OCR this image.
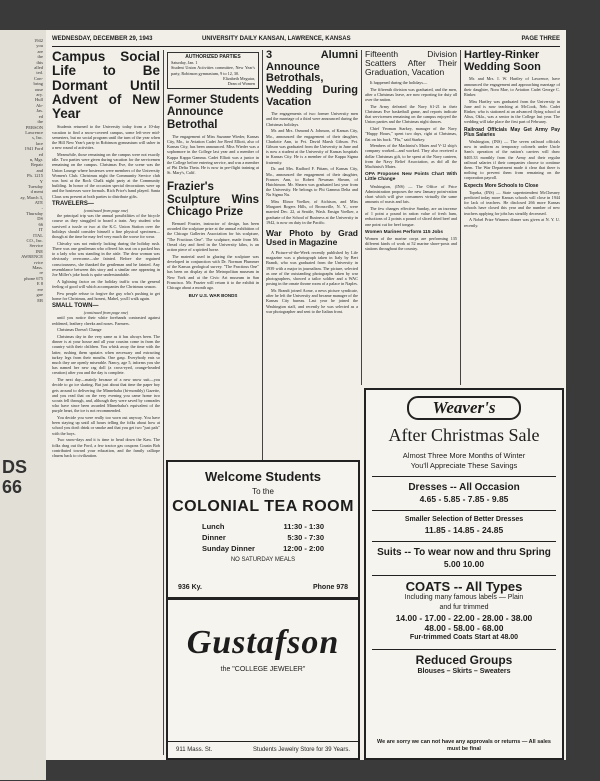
1942
you
are
the
this
alled
ted.
Con-
bring
ouse
ary.
Hull
Ab-
Jas.
ed
the
PERSON
Lawrence
s, Inc.
lace
1941 Ford
ed
n, Mgr.
Repair
and
Ph. 1215
Y
Tuesday
d ment
ay, March 3,
ATE
-
Thursday
DS
66
IT
ITAL
CO., Inc.
Service
INE
AWRENCE
rvice
Mass.
re
phone 675
E 8
ere
gue
ER
DS
66
WEDNESDAY, DECEMBER 29, 1943	UNIVERSITY DAILY KANSAN, LAWRENCE, KANSAS	PAGE THREE
Campus Social Life to Be Dormant Until Advent of New Year

Students returned to the University today from a 10-day vacation to find a snow-covered campus, some left-over mid-semesters, but no social program until the turn of the year when the Hill New Year's party in Robinson gymnasium will usher in a new round of activities.

Meanwhile, those remaining on the campus were not exactly idle. Two parties were given during vacation for the servicemen remaining on the campus. Christmas Eve, the scene was the Union Lounge where hostesses were members of the University Women's Club. Christmas night the Community Service club was host at the Rock Chalk night party at the Community building. In honor of the occasion special decorations were up and the hostesses wore formals. Rich Price's band played. Santa Claus was present at both parties to distribute gifts.

TRAVELERS—
(continued from page one)

the principal trip was the annual possibilities of the bicycle course as they struggled to board a train. Any student who survived a tussle or two at the K.C. Union Station over the holidays should consider himself a fine physical specimen—though at the time he may feel very much the worse for wear.

Chivalry was not entirely lacking during the holiday rush. There was one gentleman who offered his seat on a packed bus to a lady who was standing in the aisle. The dear woman was obviously overcome—she fainted. Before she regained consciousness, she thanked the gentleman and he fainted. Any resemblance between this story and a similar one appearing in Joe Miller's joke book is quite understandable.

A lightning factor on the holiday traffic was the general feeling of good will which accompanies the Christmas season.

Few people refuse to forgive the guy who's pushing to get home for Christmas, and honest, Mabel, you'll walk again.

SMALL TOWN—
(continued from page one)

until you notice their white forehands contrasted against reddened, leathery cheeks and noses. Farmers.

Christmas Doesn't Change

Christmas day in the very same as it has always been. The dinner is at your house and all your cousins come in from the country with their children. You whisk away the time with the latter, rushing them upstairs when necessary and extracting turkey legs from their mouths. One gasp. Everybody eats so much they are openly miserable. Nancy, age 5, informs you she has named her new rag doll (a cross-eyed, orange-headed creation) after you and the day is complete.

The next day—mainly because of a new snow suit—you decide to go ice skating. But just about that time the paper boy gets around to delivering the Minnehaha (bi-monthly) Gazette, and you read that on the very evening you came home two scouts fell through, and, although they were saved by comrades who have since been awarded Minnehaha's equivalent of the purple heart, the ice is not recommended.

You decide you were really too worn out anyway. You have been staying up until all hours telling the folks about how at school you don't drink or smoke and that you get two "just pals" with the boys.

Two snow-days and it is time to head down the Kaw. The folks drag out the Ford, a few tractor gas coupons Cousin Bob contributed toward your education, and the family calliope churns back to civilization.

AUTHORIZED PARTIES
Saturday, Jan. 1
Student Union Activities committee, New Year's party, Robinson gymnasium, 9 to 12, 30.
Elizabeth Meguiar,
Dean of Women
Former Students Announce Betrothal

The engagement of Miss Suzanne Wieder, Kansas City, Mo., to Aviation Cadet Joe Reed Elliott, also of Kansas City, has been announced. Miss Wieder was a sophomore in the College last year and a member of Kappa Kappa Gamma. Cadet Elliott was a junior in the College before entering service, and was a member of Phi Delta Theta. He is now in pre-flight training at St. Mary's, Calif.

Frazier's Sculpture Wins Chicago Prize

Bernard Frazier, instructor of design, has been awarded the sculpture prize at the annual exhibition of the Chicago Galleries Association for his sculpture, "The Fractious One". The sculpture, made from Mt. Oread clay and fired in the University kilns, is an action piece of a spirited horse.

The material used in glazing the sculpture was developed in conjunction with Dr. Norman Plummer of the Kansas geological survey. "The Fractious One" has been on display at the Metropolitan museum in New York and at the Civic Art museum in San Francisco. Mr. Frazier will return it to the exhibit in Chicago about a month ago.

BUY U.S. WAR BONDS
3 Alumni Announce Betrothals, Wedding During Vacation

The engagements of two former University men and the marriage of a third were announced during the Christmas holidays.

Mr. and Mrs. Osmond A. Johnson, of Kansas City, Mo., announced the engagement of their daughter, Charlotte Ann, to Pvt. David Marsh Gibson. Pvt. Gibson was graduated from the University in June and is now a student at the University of Kansas hospitals in Kansas City. He is a member of the Kappa Sigma fraternity.

Dr. and Mrs. Radford F. Pittam, of Kansas City, Mo., announced the engagement of their daughter, Frances Ann, to Robert Newman Shearn, of Hutchinson. Mr. Shearn was graduated last year from the University. He belongs to Phi Gamma Delta and Nu Sigma Nu.

Miss Elinor Voelker, of Atchison, and Miss Margaret Rogers Hills, of Bronxville, N. Y., were married Dec. 22, at Seattle, Wash. Ensign Voelker, a graduate of the School of Business at the University in 1942, is now on duty in the Pacific.

War Photo by Grad Used in Magazine

A Picture-of-the-Week recently published by Life magazine was a photograph taken in Italy by Bert Brandt, who was graduated from the University in 1939 with a major in journalism. The picture, selected as one of the outstanding photographs taken by war photographers, showed a tailor soldier and a WAC posing in the ornate throne room of a palace in Naples.

Mr. Brandt joined Acme, a news picture syndicate, after he left the University and became manager of the Kansas City bureau. Last year he joined the Washington staff, and recently he was selected as a war photographer and sent to the Italian front.

Fifteenth Division Scatters After Their Graduation, Vacation

It happened during the holidays—

The fifteenth division was graduated, and the men, after a Christmas leave, are now reporting for duty all over the nation.

The Army defeated the Navy 61-21 in their Christmas Eve basketball game, and reports indicate that servicemen remaining on the campus enjoyed the Union parties and the Christmas night dances.

Chief Yeoman Starkey, manager of the Navy "Happy Hours," spent two days, right at Christmas, flat on his back. "Flu," said Starkey.

Members of the Machinist's Mates and V-12 ship's company worked—and worked. They also received a dollar Christmas gift, to be spent at the Navy canteen, from the Navy Relief Association, as did all the Machinist's Mates.

OPA Proposes New Points Chart With Little Change

Washington, (INS) — The Office of Price Administration proposes the new January point-ration chart which will give consumers virtually the same amounts of roasts and fats.

The few changes effective Sunday, are an increase of 1 point a pound in ration value of fresh ham, reductions of 2 points a pound of sliced dried beef and one point cut for beef tongue.

Women Marines Perform 115 Jobs
Women of the marine corps are performing 135 different kinds of work at 52 marine shore-posts and stations throughout the country.
Hartley-Rinker Wedding Soon

Mr. and Mrs. I. W. Hartley of Lawrence, have announced the engagement and approaching marriage of their daughter, Nora Mae, to Aviation Cadet George C. Rinker.

Miss Hartley was graduated from the University in June and is now teaching at McCook, Neb. Cadet Rinker, who is stationed at an advanced flying school at Altus, Okla., was a senior in the College last year. The wedding will take place the first part of February.

Railroad Officials May Get Army Pay Plus Salaries

Washington, (INS) — The seven railroad officials now in uniform as temporary colonels under Uncle Sam's operation of the nation's carriers will draw $405.33 monthly from the Army and their regular railroad salaries if their companies choose to continue them. The War Department made it clear that there is nothing to prevent them from remaining on the corporation payroll.

Expects More Schools to Close

Topeka, (INS) — State superintendent McChesney predicted today more Kansas schools will close in 1944 for lack of teachers. He disclosed 266 more Kansas schools have closed this year and the number of new teachers applying for jobs has steadily decreased.

A Nobel Prize Winners dinner was given at N. Y. U. recently.

Welcome Students
To the
COLONIAL TEA ROOM
Lunch	11:30 - 1:30
Dinner	5:30 - 7:30
Sunday Dinner	12:00 - 2:00
NO SATURDAY MEALS
936 Ky.	Phone 978
Gustafson
the "COLLEGE JEWELER"
911 Mass. St.	Students Jewelry Store for 39 Years.
Weaver's
After Christmas Sale
Almost Three More Months of Winter
You'll Appreciate These Savings
Dresses -- All Occasion
4.65 - 5.85 - 7.85 - 9.85
Smaller Selection of Better Dresses
11.85 - 14.85 - 24.85
Suits -- To wear now and thru Spring
5.00 10.00
COATS -- All Types
Including many famous labels — Plain
and fur trimmed
14.00 - 17.00 - 22.00 - 28.00 - 38.00
48.00 - 58.00 - 68.00
Fur-trimmed Coats Start at 48.00
Reduced Groups
Blouses – Skirts – Sweaters
We are sorry we can not have any approvals or returns — All sales must be final
